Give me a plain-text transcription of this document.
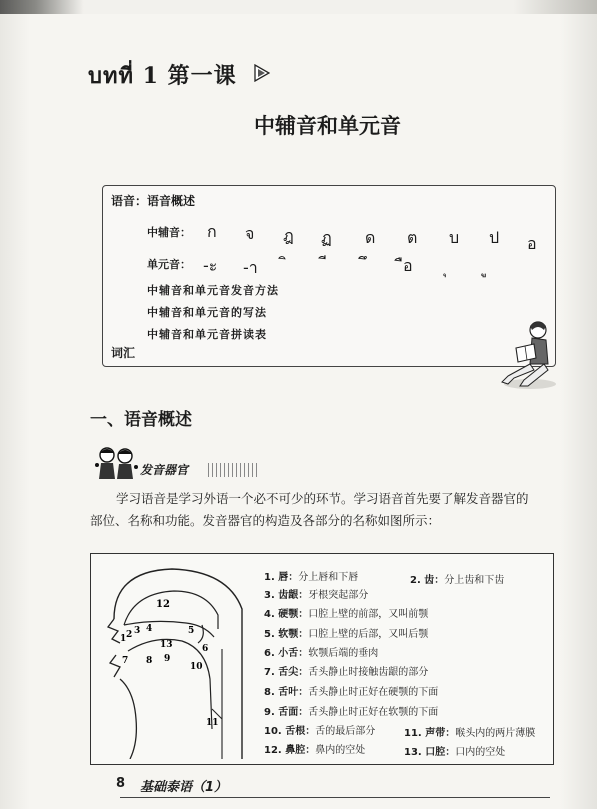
บทที่ 1 第一课
中辅音和单元音
语音：语音概述
中辅音： ก จ ฎ ฏ ด ต บ ป อ
单元音： -ะ -า	ือ
中辅音和单元音发音方法
中辅音和单元音的写法
中辅音和单元音拼读表
词汇
一、语音概述
发音器官
学习语音是学习外语一个必不可少的环节。学习语音首先要了解发音器官的
部位、名称和功能。发音器官的构造及各部分的名称如图所示：
12
1 2 3 4	5
6
13
7 8 9
10
11
1. 唇：分上唇和下唇	2. 齿：分上齿和下齿
3. 齿龈：牙根突起部分
4. 硬颚：口腔上壁的前部，又叫前颚
5. 软颚：口腔上壁的后部，又叫后颚
6. 小舌：软颚后端的垂肉
7. 舌尖：舌头静止时接触齿龈的部分
8. 舌叶：舌头静止时正好在硬颚的下面
9. 舌面：舌头静止时正好在软颚的下面
10. 舌根：舌的最后部分	11. 声带：喉头内的两片薄膜
12. 鼻腔：鼻内的空处	13. 口腔：口内的空处
8 基础泰语（1）
